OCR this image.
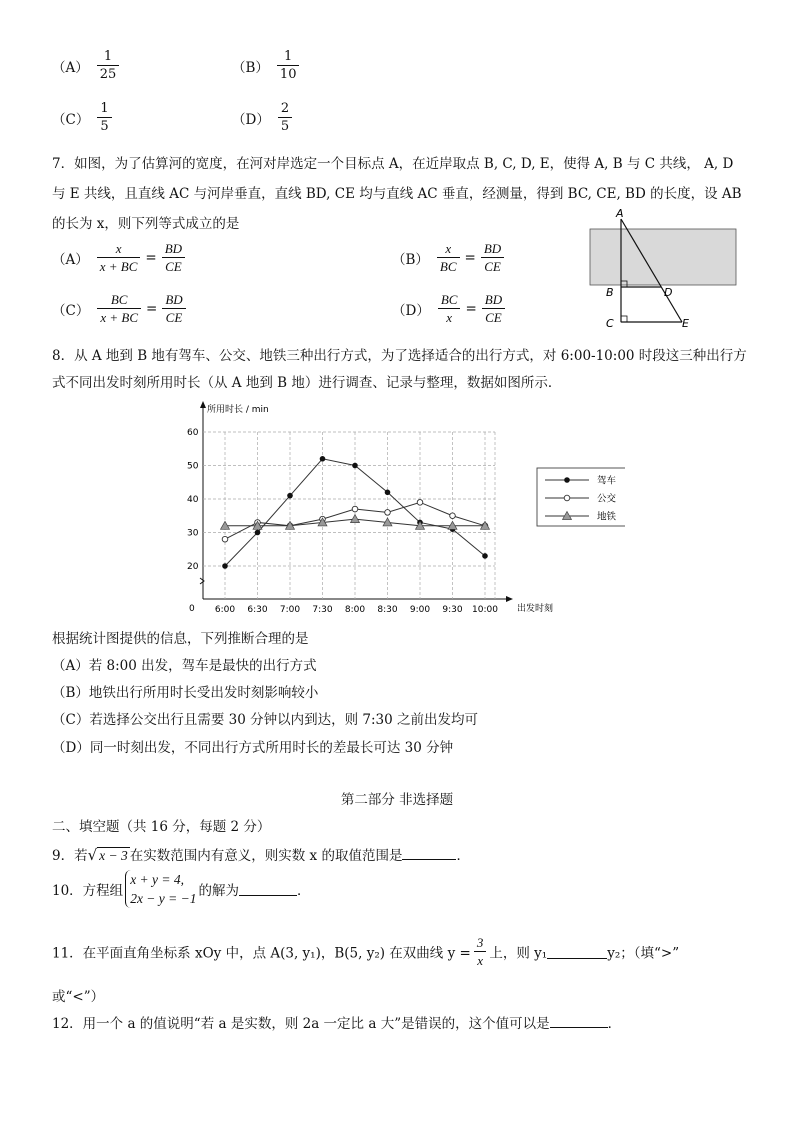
$(A) \frac{1}{25}$	$(B) \frac{1}{10}$
$(C) \frac{1}{5}$	$(D) \frac{2}{5}$
7．如图，为了估算河的宽度，在河对岸选定一个目标点 A，在近岸取点 B, C, D, E，使得 A, B 与 C 共线， A, D
与 E 共线，且直线 AC 与河岸垂直，直线 BD, CE 均与直线 AC 垂直，经测量，得到 BC, CE, BD 的长度，设 AB
的长为 x，则下列等式成立的是
$(A) \frac{x}{x + BC} = \frac{BD}{CE}$	$(B) \frac{x}{BC} = \frac{BD}{CE}$
$(C) \frac{BC}{x + BC} = \frac{BD}{CE}$	$(D) \frac{BC}{x} = \frac{BD}{CE}$
A
B
C
D
E
8．从 A 地到 B 地有驾车、公交、地铁三种出行方式，为了选择适合的出行方式，对 6:00-10:00 时段这三种出行方
式不同出发时刻所用时长（从 A 地到 B 地）进行调查、记录与整理，数据如图所示．
0
所用时长 / min
出发时刻
20
30
40
50
60
6:00 6:30 7:00 7:30 8:00 8:30 9:00 9:30 10:00
驾车
公交
地铁
根据统计图提供的信息，下列推断合理的是
（A）若 8:00 出发，驾车是最快的出行方式
（B）地铁出行所用时长受出发时刻影响较小
（C）若选择公交出行且需要 30 分钟以内到达，则 7:30 之前出发均可
（D）同一时刻出发，不同出行方式所用时长的差最长可达 30 分钟
第二部分 非选择题
二、填空题（共 16 分，每题 2 分）
9．若√ x − 3 在实数范围内有意义，则实数 x 的取值范围是	．
10．方程组
x + y = 4,
2x − y = −1 的解为	．
11．在平面直角坐标系 xOy 中，点 A(3, y₁)，B(5, y₂) 在双曲线 $y = \frac{3}{x}$ 上，则 y₁	y₂；（填“>”
或“<”）
12．用一个 a 的值说明“若 a 是实数，则 2a 一定比 a 大”是错误的，这个值可以是	．
